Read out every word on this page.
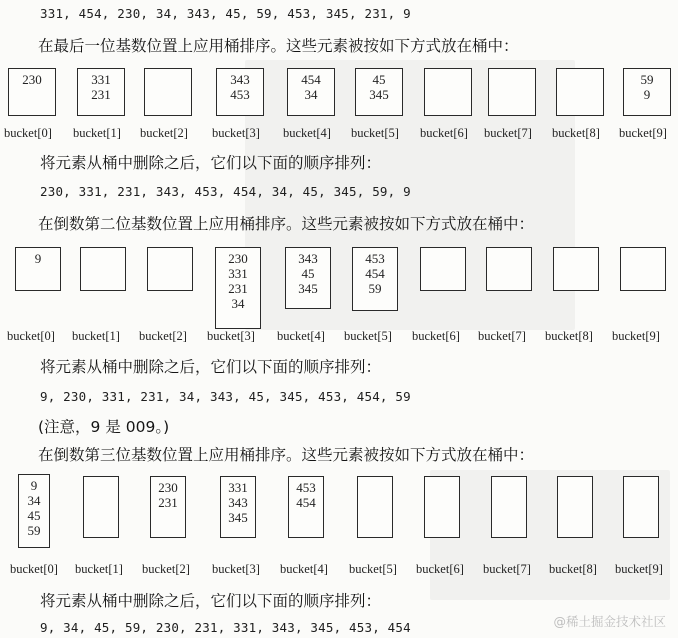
331, 454, 230, 34, 343, 45, 59, 453, 345, 231, 9
在最后一位基数位置上应用桶排序。这些元素被按如下方式放在桶中：
230
bucket[0]
331
231
bucket[1] bucket[2]
343
453
bucket[3]
454
34
bucket[4]
45
345
bucket[5] bucket[6] bucket[7] bucket[8]
59
9
bucket[9]
将元素从桶中删除之后，它们以下面的顺序排列：
230, 331, 231, 343, 453, 454, 34, 45, 345, 59, 9
在倒数第二位基数位置上应用桶排序。这些元素被按如下方式放在桶中：
9
bucket[0] bucket[1] bucket[2]
230
331
231
34
bucket[3]
343
45
345
bucket[4]
453
454
59
bucket[5] bucket[6] bucket[7] bucket[8] bucket[9]
将元素从桶中删除之后，它们以下面的顺序排列：
9, 230, 331, 231, 34, 343, 45, 345, 453, 454, 59
(注意，9 是 009。)
在倒数第三位基数位置上应用桶排序。这些元素被按如下方式放在桶中：
9
34
45
59
bucket[0] bucket[1]
230
231
bucket[2]
331
343
345
bucket[3]
453
454
bucket[4] bucket[5] bucket[6] bucket[7] bucket[8] bucket[9]
将元素从桶中删除之后，它们以下面的顺序排列：
9, 34, 45, 59, 230, 231, 331, 343, 345, 453, 454	@稀土掘金技术社区
